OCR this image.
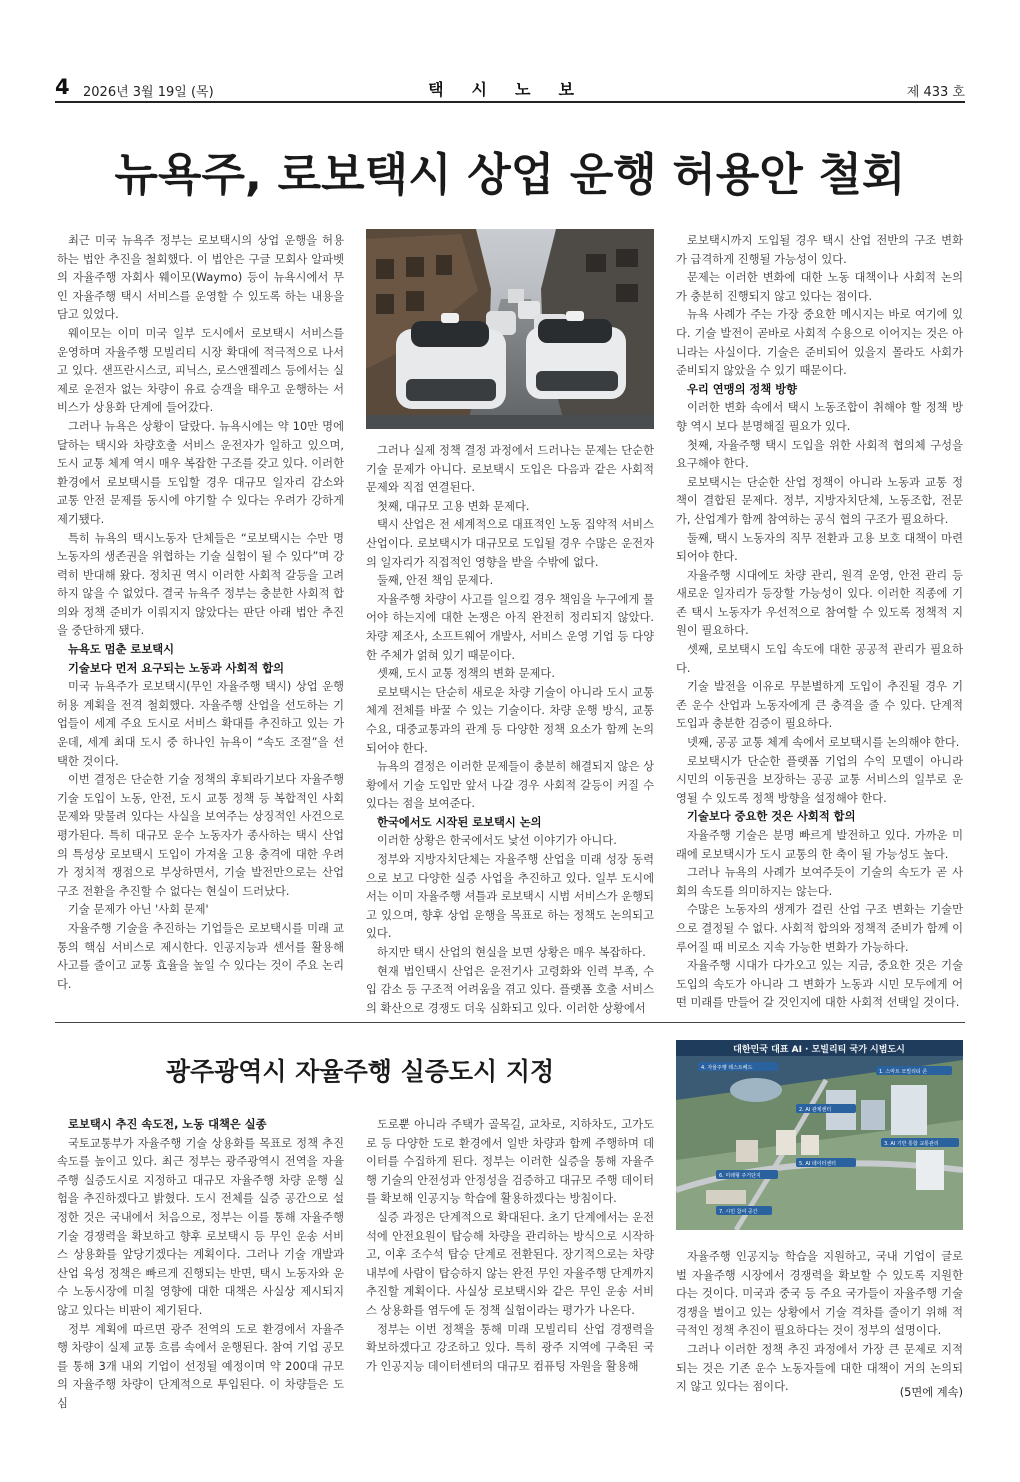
4 2026년 3월 19일 (목)	택시노보	제 433 호
뉴욕주, 로보택시 상업 운행 허용안 철회

최근 미국 뉴욕주 정부는 로보택시의 상업 운행을 허용하는 법안 추진을 철회했다. 이 법안은 구글 모회사 알파벳의 자율주행 자회사 웨이모(Waymo) 등이 뉴욕시에서 무인 자율주행 택시 서비스를 운영할 수 있도록 하는 내용을 담고 있었다.

웨이모는 이미 미국 일부 도시에서 로보택시 서비스를 운영하며 자율주행 모빌리티 시장 확대에 적극적으로 나서고 있다. 샌프란시스코, 피닉스, 로스앤젤레스 등에서는 실제로 운전자 없는 차량이 유료 승객을 태우고 운행하는 서비스가 상용화 단계에 들어갔다.

그러나 뉴욕은 상황이 달랐다. 뉴욕시에는 약 10만 명에 달하는 택시와 차량호출 서비스 운전자가 일하고 있으며, 도시 교통 체계 역시 매우 복잡한 구조를 갖고 있다. 이러한 환경에서 로보택시를 도입할 경우 대규모 일자리 감소와 교통 안전 문제를 동시에 야기할 수 있다는 우려가 강하게 제기됐다.

특히 뉴욕의 택시노동자 단체들은 “로보택시는 수만 명 노동자의 생존권을 위협하는 기술 실험이 될 수 있다”며 강력히 반대해 왔다. 정치권 역시 이러한 사회적 갈등을 고려하지 않을 수 없었다. 결국 뉴욕주 정부는 충분한 사회적 합의와 정책 준비가 이뤄지지 않았다는 판단 아래 법안 추진을 중단하게 됐다.

뉴욕도 멈춘 로보택시

기술보다 먼저 요구되는 노동과 사회적 합의

미국 뉴욕주가 로보택시(무인 자율주행 택시) 상업 운행 허용 계획을 전격 철회했다. 자율주행 산업을 선도하는 기업들이 세계 주요 도시로 서비스 확대를 추진하고 있는 가운데, 세계 최대 도시 중 하나인 뉴욕이 “속도 조절”을 선택한 것이다.

이번 결정은 단순한 기술 정책의 후퇴라기보다 자율주행 기술 도입이 노동, 안전, 도시 교통 정책 등 복합적인 사회 문제와 맞물려 있다는 사실을 보여주는 상징적인 사건으로 평가된다. 특히 대규모 운수 노동자가 종사하는 택시 산업의 특성상 로보택시 도입이 가져올 고용 충격에 대한 우려가 정치적 쟁점으로 부상하면서, 기술 발전만으로는 산업 구조 전환을 추진할 수 없다는 현실이 드러났다.

기술 문제가 아닌 '사회 문제'

자율주행 기술을 추진하는 기업들은 로보택시를 미래 교통의 핵심 서비스로 제시한다. 인공지능과 센서를 활용해 사고를 줄이고 교통 효율을 높일 수 있다는 것이 주요 논리다.

그러나 실제 정책 결정 과정에서 드러나는 문제는 단순한 기술 문제가 아니다. 로보택시 도입은 다음과 같은 사회적 문제와 직접 연결된다.

첫째, 대규모 고용 변화 문제다.

택시 산업은 전 세계적으로 대표적인 노동 집약적 서비스 산업이다. 로보택시가 대규모로 도입될 경우 수많은 운전자의 일자리가 직접적인 영향을 받을 수밖에 없다.

둘째, 안전 책임 문제다.

자율주행 차량이 사고를 일으킬 경우 책임을 누구에게 물어야 하는지에 대한 논쟁은 아직 완전히 정리되지 않았다. 차량 제조사, 소프트웨어 개발사, 서비스 운영 기업 등 다양한 주체가 얽혀 있기 때문이다.

셋째, 도시 교통 정책의 변화 문제다.

로보택시는 단순히 새로운 차량 기술이 아니라 도시 교통 체계 전체를 바꿀 수 있는 기술이다. 차량 운행 방식, 교통 수요, 대중교통과의 관계 등 다양한 정책 요소가 함께 논의되어야 한다.

뉴욕의 결정은 이러한 문제들이 충분히 해결되지 않은 상황에서 기술 도입만 앞서 나갈 경우 사회적 갈등이 커질 수 있다는 점을 보여준다.

한국에서도 시작된 로보택시 논의

이러한 상황은 한국에서도 낯선 이야기가 아니다.

정부와 지방자치단체는 자율주행 산업을 미래 성장 동력으로 보고 다양한 실증 사업을 추진하고 있다. 일부 도시에서는 이미 자율주행 셔틀과 로보택시 시범 서비스가 운행되고 있으며, 향후 상업 운행을 목표로 하는 정책도 논의되고 있다.

하지만 택시 산업의 현실을 보면 상황은 매우 복잡하다.

현재 법인택시 산업은 운전기사 고령화와 인력 부족, 수입 감소 등 구조적 어려움을 겪고 있다. 플랫폼 호출 서비스의 확산으로 경쟁도 더욱 심화되고 있다. 이러한 상황에서

로보택시까지 도입될 경우 택시 산업 전반의 구조 변화가 급격하게 진행될 가능성이 있다.

문제는 이러한 변화에 대한 노동 대책이나 사회적 논의가 충분히 진행되지 않고 있다는 점이다.

뉴욕 사례가 주는 가장 중요한 메시지는 바로 여기에 있다. 기술 발전이 곧바로 사회적 수용으로 이어지는 것은 아니라는 사실이다. 기술은 준비되어 있을지 몰라도 사회가 준비되지 않았을 수 있기 때문이다.

우리 연맹의 정책 방향

이러한 변화 속에서 택시 노동조합이 취해야 할 정책 방향 역시 보다 분명해질 필요가 있다.

첫째, 자율주행 택시 도입을 위한 사회적 협의체 구성을 요구해야 한다.

로보택시는 단순한 산업 정책이 아니라 노동과 교통 정책이 결합된 문제다. 정부, 지방자치단체, 노동조합, 전문가, 산업계가 함께 참여하는 공식 협의 구조가 필요하다.

둘째, 택시 노동자의 직무 전환과 고용 보호 대책이 마련되어야 한다.

자율주행 시대에도 차량 관리, 원격 운영, 안전 관리 등 새로운 일자리가 등장할 가능성이 있다. 이러한 직종에 기존 택시 노동자가 우선적으로 참여할 수 있도록 정책적 지원이 필요하다.

셋째, 로보택시 도입 속도에 대한 공공적 관리가 필요하다.

기술 발전을 이유로 무분별하게 도입이 추진될 경우 기존 운수 산업과 노동자에게 큰 충격을 줄 수 있다. 단계적 도입과 충분한 검증이 필요하다.

넷째, 공공 교통 체계 속에서 로보택시를 논의해야 한다.

로보택시가 단순한 플랫폼 기업의 수익 모델이 아니라 시민의 이동권을 보장하는 공공 교통 서비스의 일부로 운영될 수 있도록 정책 방향을 설정해야 한다.

기술보다 중요한 것은 사회적 합의

자율주행 기술은 분명 빠르게 발전하고 있다. 가까운 미래에 로보택시가 도시 교통의 한 축이 될 가능성도 높다.

그러나 뉴욕의 사례가 보여주듯이 기술의 속도가 곧 사회의 속도를 의미하지는 않는다.

수많은 노동자의 생계가 걸린 산업 구조 변화는 기술만으로 결정될 수 없다. 사회적 합의와 정책적 준비가 함께 이루어질 때 비로소 지속 가능한 변화가 가능하다.

자율주행 시대가 다가오고 있는 지금, 중요한 것은 기술 도입의 속도가 아니라 그 변화가 노동과 시민 모두에게 어떤 미래를 만들어 갈 것인지에 대한 사회적 선택일 것이다.

광주광역시 자율주행 실증도시 지정

로보택시 추진 속도전, 노동 대책은 실종

국토교통부가 자율주행 기술 상용화를 목표로 정책 추진 속도를 높이고 있다. 최근 정부는 광주광역시 전역을 자율주행 실증도시로 지정하고 대규모 자율주행 차량 운행 실험을 추진하겠다고 밝혔다. 도시 전체를 실증 공간으로 설정한 것은 국내에서 처음으로, 정부는 이를 통해 자율주행 기술 경쟁력을 확보하고 향후 로보택시 등 무인 운송 서비스 상용화를 앞당기겠다는 계획이다. 그러나 기술 개발과 산업 육성 정책은 빠르게 진행되는 반면, 택시 노동자와 운수 노동시장에 미칠 영향에 대한 대책은 사실상 제시되지 않고 있다는 비판이 제기된다.

정부 계획에 따르면 광주 전역의 도로 환경에서 자율주행 차량이 실제 교통 흐름 속에서 운행된다. 참여 기업 공모를 통해 3개 내외 기업이 선정될 예정이며 약 200대 규모의 자율주행 차량이 단계적으로 투입된다. 이 차량들은 도심

도로뿐 아니라 주택가 골목길, 교차로, 지하차도, 고가도로 등 다양한 도로 환경에서 일반 차량과 함께 주행하며 데이터를 수집하게 된다. 정부는 이러한 실증을 통해 자율주행 기술의 안전성과 안정성을 검증하고 대규모 주행 데이터를 확보해 인공지능 학습에 활용하겠다는 방침이다.

실증 과정은 단계적으로 확대된다. 초기 단계에서는 운전석에 안전요원이 탑승해 차량을 관리하는 방식으로 시작하고, 이후 조수석 탑승 단계로 전환된다. 장기적으로는 차량 내부에 사람이 탑승하지 않는 완전 무인 자율주행 단계까지 추진할 계획이다. 사실상 로보택시와 같은 무인 운송 서비스 상용화를 염두에 둔 정책 실험이라는 평가가 나온다.

정부는 이번 정책을 통해 미래 모빌리티 산업 경쟁력을 확보하겠다고 강조하고 있다. 특히 광주 지역에 구축된 국가 인공지능 데이터센터의 대규모 컴퓨팅 자원을 활용해

대한민국 대표 AI · 모빌리티 국가 시범도시
4. 자율주행 테스트베드
1. 스마트 모빌리티 존
2. AI 관제센터
3. AI 기반 통합 교통관리
5. AI 데이터센터
6. 미래형 주거단지
7. 시민 참여 공간

자율주행 인공지능 학습을 지원하고, 국내 기업이 글로벌 자율주행 시장에서 경쟁력을 확보할 수 있도록 지원한다는 것이다. 미국과 중국 등 주요 국가들이 자율주행 기술 경쟁을 벌이고 있는 상황에서 기술 격차를 줄이기 위해 적극적인 정책 추진이 필요하다는 것이 정부의 설명이다.

그러나 이러한 정책 추진 과정에서 가장 큰 문제로 지적되는 것은 기존 운수 노동자들에 대한 대책이 거의 논의되지 않고 있다는 점이다.	(5면에 계속)
